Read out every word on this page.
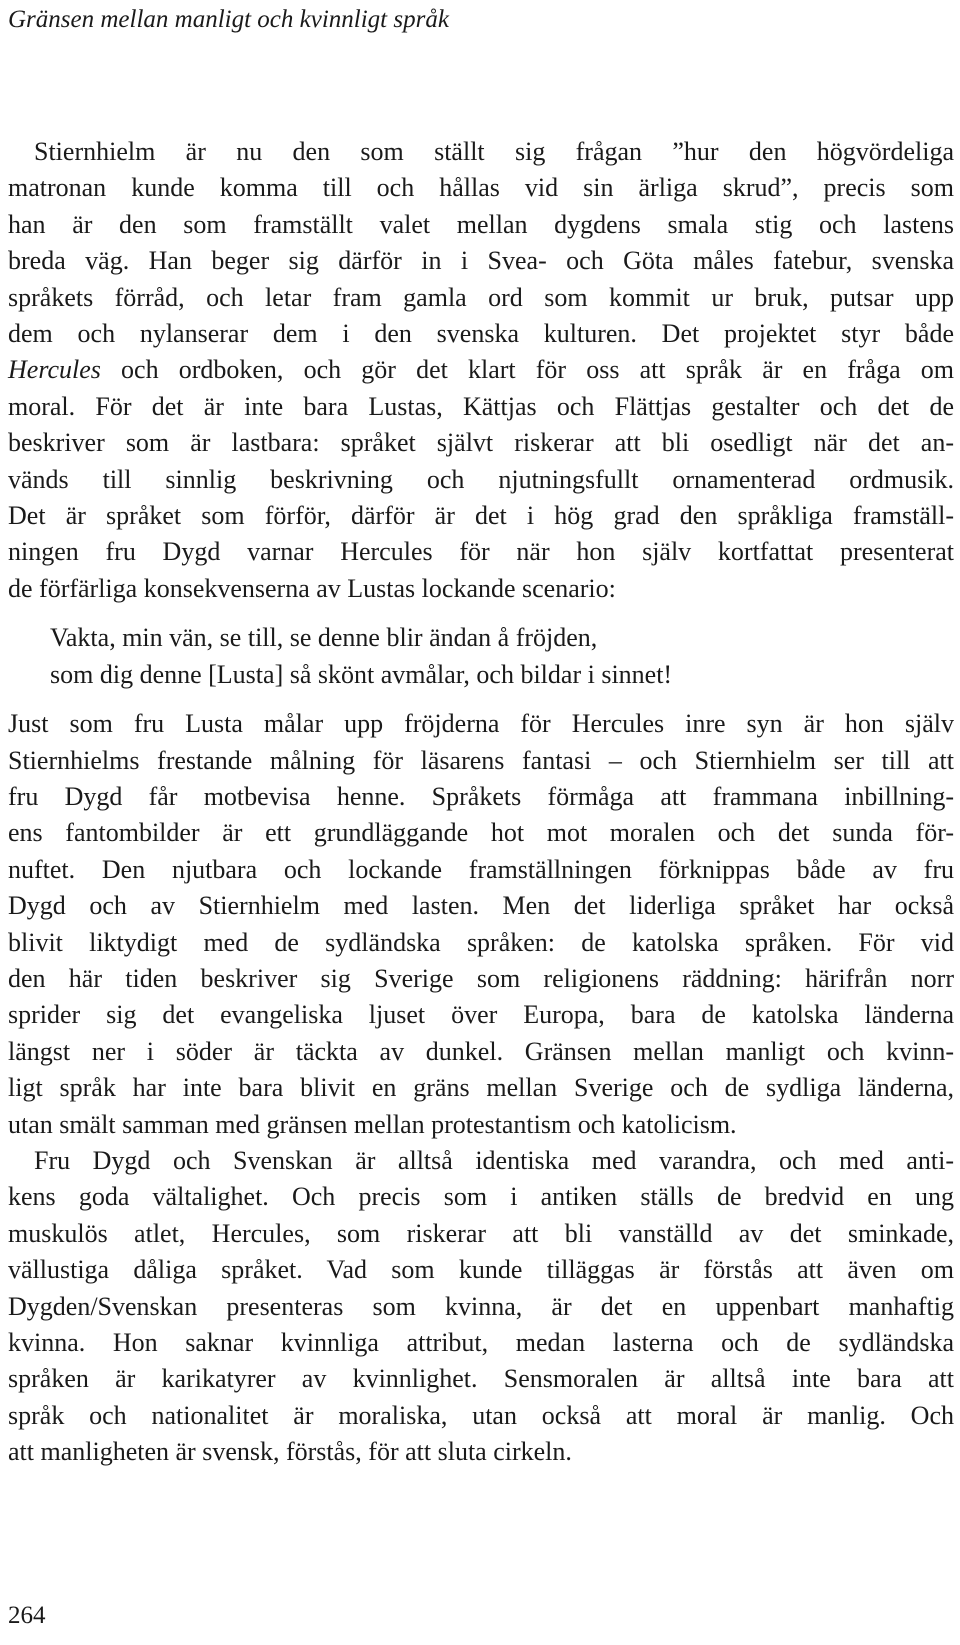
Gränsen mellan manligt och kvinnligt språk
Stiernhielm är nu den som ställt sig frågan ”hur den högvördeliga
matronan kunde komma till och hållas vid sin ärliga skrud”, precis som
han är den som framställt valet mellan dygdens smala stig och lastens
breda väg. Han beger sig därför in i Svea- och Göta måles fatebur, svenska
språkets förråd, och letar fram gamla ord som kommit ur bruk, putsar upp
dem och nylanserar dem i den svenska kulturen. Det projektet styr både
Hercules och ordboken, och gör det klart för oss att språk är en fråga om
moral. För det är inte bara Lustas, Kättjas och Flättjas gestalter och det de
beskriver som är lastbara: språket självt riskerar att bli osedligt när det an-
vänds till sinnlig beskrivning och njutningsfullt ornamenterad ordmusik.
Det är språket som förför, därför är det i hög grad den språkliga framställ-
ningen fru Dygd varnar Hercules för när hon själv kortfattat presenterat
de förfärliga konsekvenserna av Lustas lockande scenario:
Vakta, min vän, se till, se denne blir ändan å fröjden,
som dig denne [Lusta] så skönt avmålar, och bildar i sinnet!
Just som fru Lusta målar upp fröjderna för Hercules inre syn är hon själv
Stiernhielms frestande målning för läsarens fantasi – och Stiernhielm ser till att
fru Dygd får motbevisa henne. Språkets förmåga att frammana inbillning-
ens fantombilder är ett grundläggande hot mot moralen och det sunda för-
nuftet. Den njutbara och lockande framställningen förknippas både av fru
Dygd och av Stiernhielm med lasten. Men det liderliga språket har också
blivit liktydigt med de sydländska språken: de katolska språken. För vid
den här tiden beskriver sig Sverige som religionens räddning: härifrån norr
sprider sig det evangeliska ljuset över Europa, bara de katolska länderna
längst ner i söder är täckta av dunkel. Gränsen mellan manligt och kvinn-
ligt språk har inte bara blivit en gräns mellan Sverige och de sydliga länderna,
utan smält samman med gränsen mellan protestantism och katolicism.
Fru Dygd och Svenskan är alltså identiska med varandra, och med anti-
kens goda vältalighet. Och precis som i antiken ställs de bredvid en ung
muskulös atlet, Hercules, som riskerar att bli vanställd av det sminkade,
vällustiga dåliga språket. Vad som kunde tilläggas är förstås att även om
Dygden/Svenskan presenteras som kvinna, är det en uppenbart manhaftig
kvinna. Hon saknar kvinnliga attribut, medan lasterna och de sydländska
språken är karikatyrer av kvinnlighet. Sensmoralen är alltså inte bara att
språk och nationalitet är moraliska, utan också att moral är manlig. Och
att manligheten är svensk, förstås, för att sluta cirkeln.
264
